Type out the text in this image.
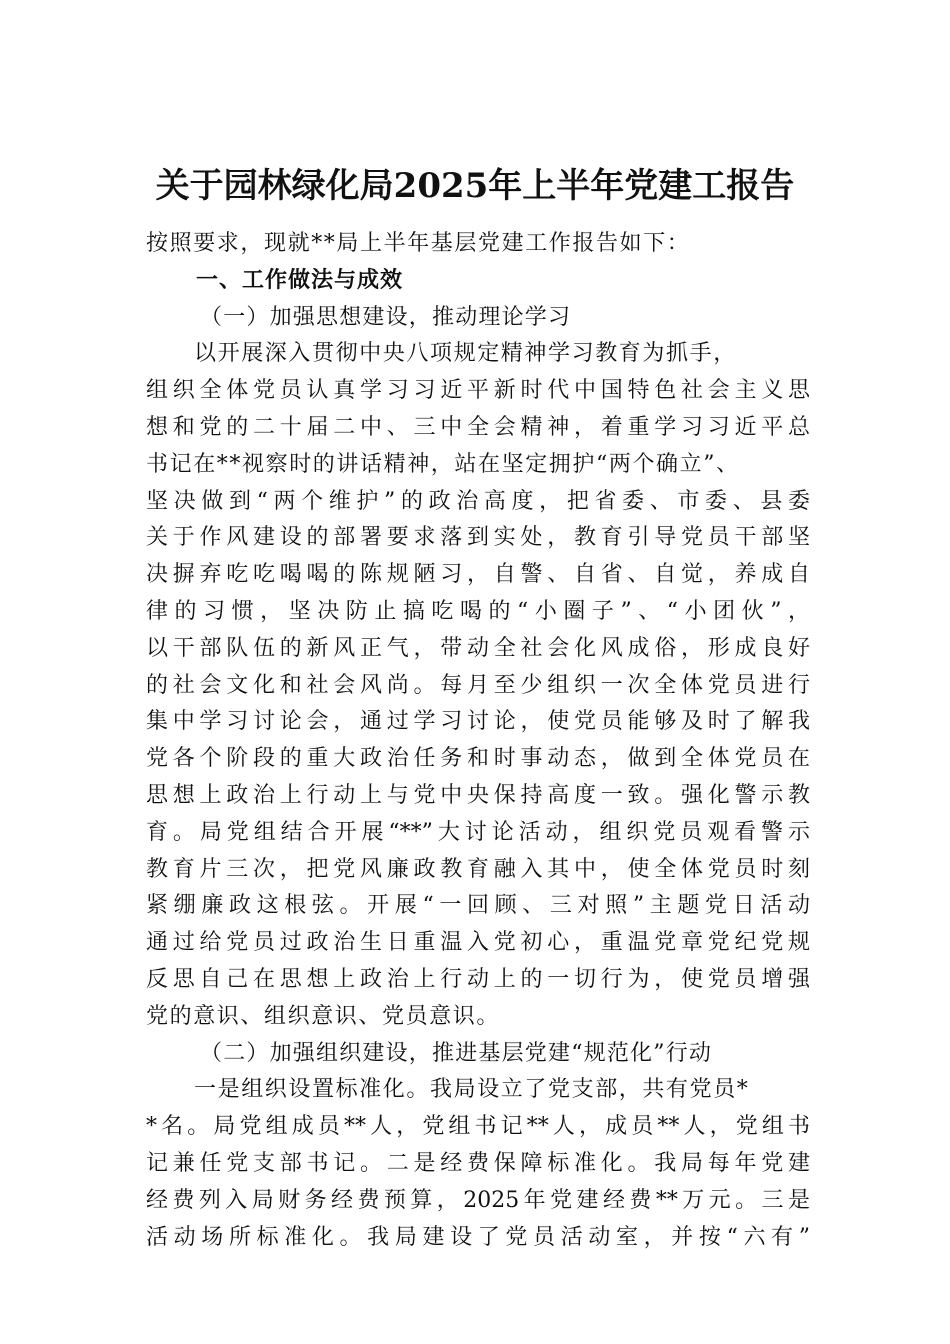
关于园林绿化局2025年上半年党建工报告
按照要求，现就**局上半年基层党建工作报告如下：
一、工作做法与成效
（一）加强思想建设，推动理论学习
以开展深入贯彻中央八项规定精神学习教育为抓手，
组织全体党员认真学习习近平新时代中国特色社会主义思
想和党的二十届二中、三中全会精神，着重学习习近平总
书记在**视察时的讲话精神，站在坚定拥护“两个确立”、
坚决做到“两个维护”的政治高度，把省委、市委、县委
关于作风建设的部署要求落到实处，教育引导党员干部坚
决摒弃吃吃喝喝的陈规陋习，自警、自省、自觉，养成自
律的习惯，坚决防止搞吃喝的“小圈子”、“小团伙”，
以干部队伍的新风正气，带动全社会化风成俗，形成良好
的社会文化和社会风尚。每月至少组织一次全体党员进行
集中学习讨论会，通过学习讨论，使党员能够及时了解我
党各个阶段的重大政治任务和时事动态，做到全体党员在
思想上政治上行动上与党中央保持高度一致。强化警示教
育。局党组结合开展“**”大讨论活动，组织党员观看警示
教育片三次，把党风廉政教育融入其中，使全体党员时刻
紧绷廉政这根弦。开展“一回顾、三对照”主题党日活动
通过给党员过政治生日重温入党初心，重温党章党纪党规
反思自己在思想上政治上行动上的一切行为，使党员增强
党的意识、组织意识、党员意识。
（二）加强组织建设，推进基层党建“规范化”行动
一是组织设置标准化。我局设立了党支部，共有党员*
*名。局党组成员**人，党组书记**人，成员**人，党组书
记兼任党支部书记。二是经费保障标准化。我局每年党建
经费列入局财务经费预算，2025年党建经费**万元。三是
活动场所标准化。我局建设了党员活动室，并按“六有”
